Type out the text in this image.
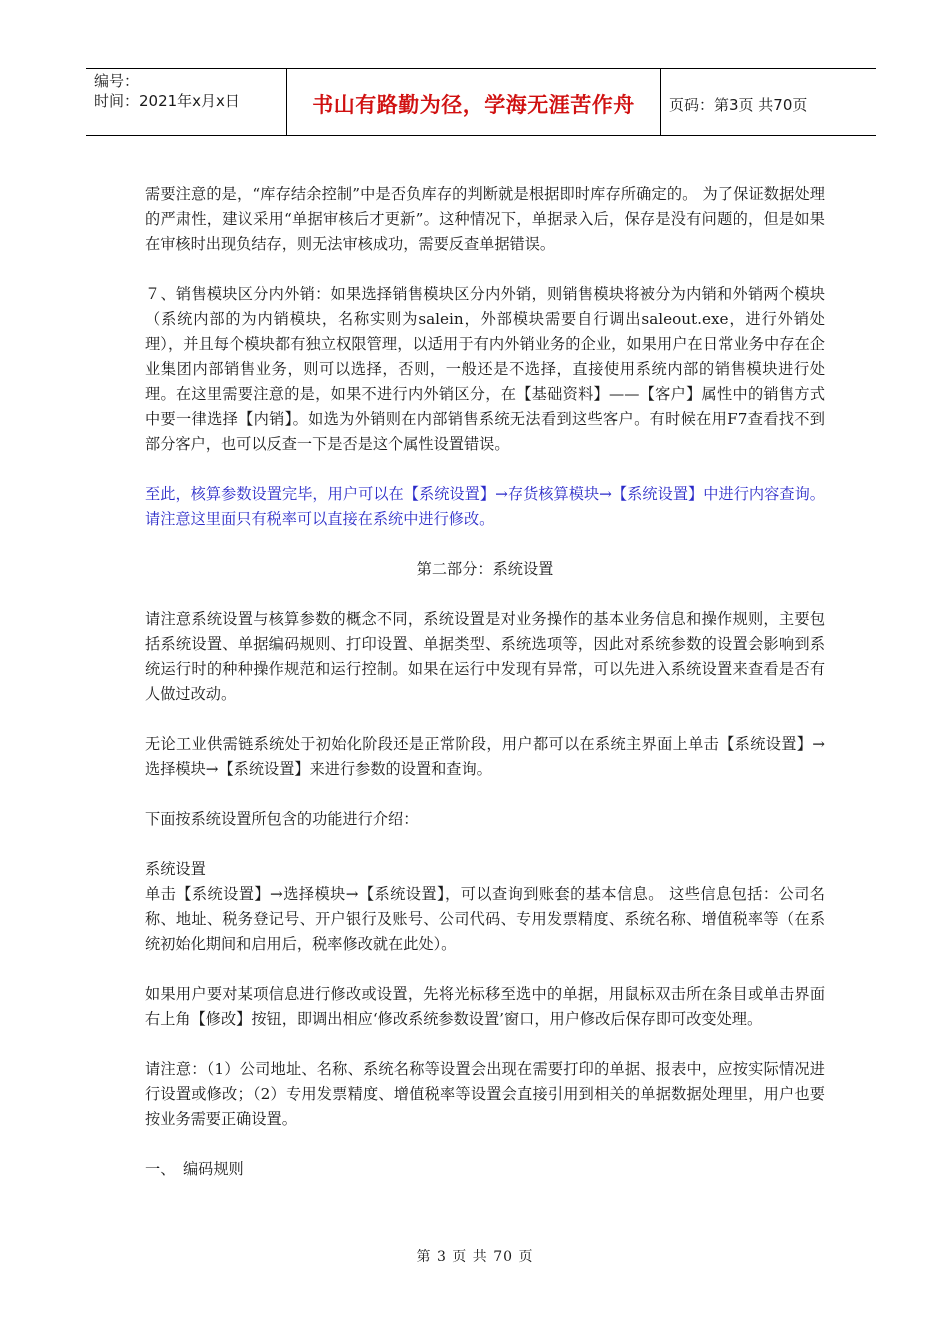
编号：
时间：2021年x月x日	书山有路勤为径，学海无涯苦作舟	页码：第3页 共70页

需要注意的是，“库存结余控制”中是否负库存的判断就是根据即时库存所确定的。 为了保证数据处理的严肃性，建议采用“单据审核后才更新”。这种情况下，单据录入后，保存是没有问题的，但是如果在审核时出现负结存，则无法审核成功，需要反查单据错误。

７、销售模块区分内外销：如果选择销售模块区分内外销，则销售模块将被分为内销和外销两个模块（系统内部的为内销模块，名称实则为salein，外部模块需要自行调出saleout.exe，进行外销处理），并且每个模块都有独立权限管理，以适用于有内外销业务的企业，如果用户在日常业务中存在企业集团内部销售业务，则可以选择，否则，一般还是不选择，直接使用系统内部的销售模块进行处理。在这里需要注意的是，如果不进行内外销区分，在【基础资料】——【客户】属性中的销售方式中要一律选择【内销】。如选为外销则在内部销售系统无法看到这些客户。有时候在用F7查看找不到部分客户，也可以反查一下是否是这个属性设置错误。

至此，核算参数设置完毕，用户可以在【系统设置】→存货核算模块→【系统设置】中进行内容查询。请注意这里面只有税率可以直接在系统中进行修改。

第二部分：系统设置

请注意系统设置与核算参数的概念不同，系统设置是对业务操作的基本业务信息和操作规则，主要包括系统设置、单据编码规则、打印设置、单据类型、系统选项等，因此对系统参数的设置会影响到系统运行时的种种操作规范和运行控制。如果在运行中发现有异常，可以先进入系统设置来查看是否有人做过改动。

无论工业供需链系统处于初始化阶段还是正常阶段，用户都可以在系统主界面上单击【系统设置】→选择模块→【系统设置】来进行参数的设置和查询。

下面按系统设置所包含的功能进行介绍：

系统设置

单击【系统设置】→选择模块→【系统设置】，可以查询到账套的基本信息。 这些信息包括：公司名称、地址、税务登记号、开户银行及账号、公司代码、专用发票精度、系统名称、增值税率等（在系统初始化期间和启用后，税率修改就在此处）。

如果用户要对某项信息进行修改或设置，先将光标移至选中的单据，用鼠标双击所在条目或单击界面右上角【修改】按钮，即调出相应‘修改系统参数设置’窗口，用户修改后保存即可改变处理。

请注意：（1）公司地址、名称、系统名称等设置会出现在需要打印的单据、报表中，应按实际情况进行设置或修改；（2）专用发票精度、增值税率等设置会直接引用到相关的单据数据处理里，用户也要按业务需要正确设置。

一、　编码规则

第 3 页 共 70 页
